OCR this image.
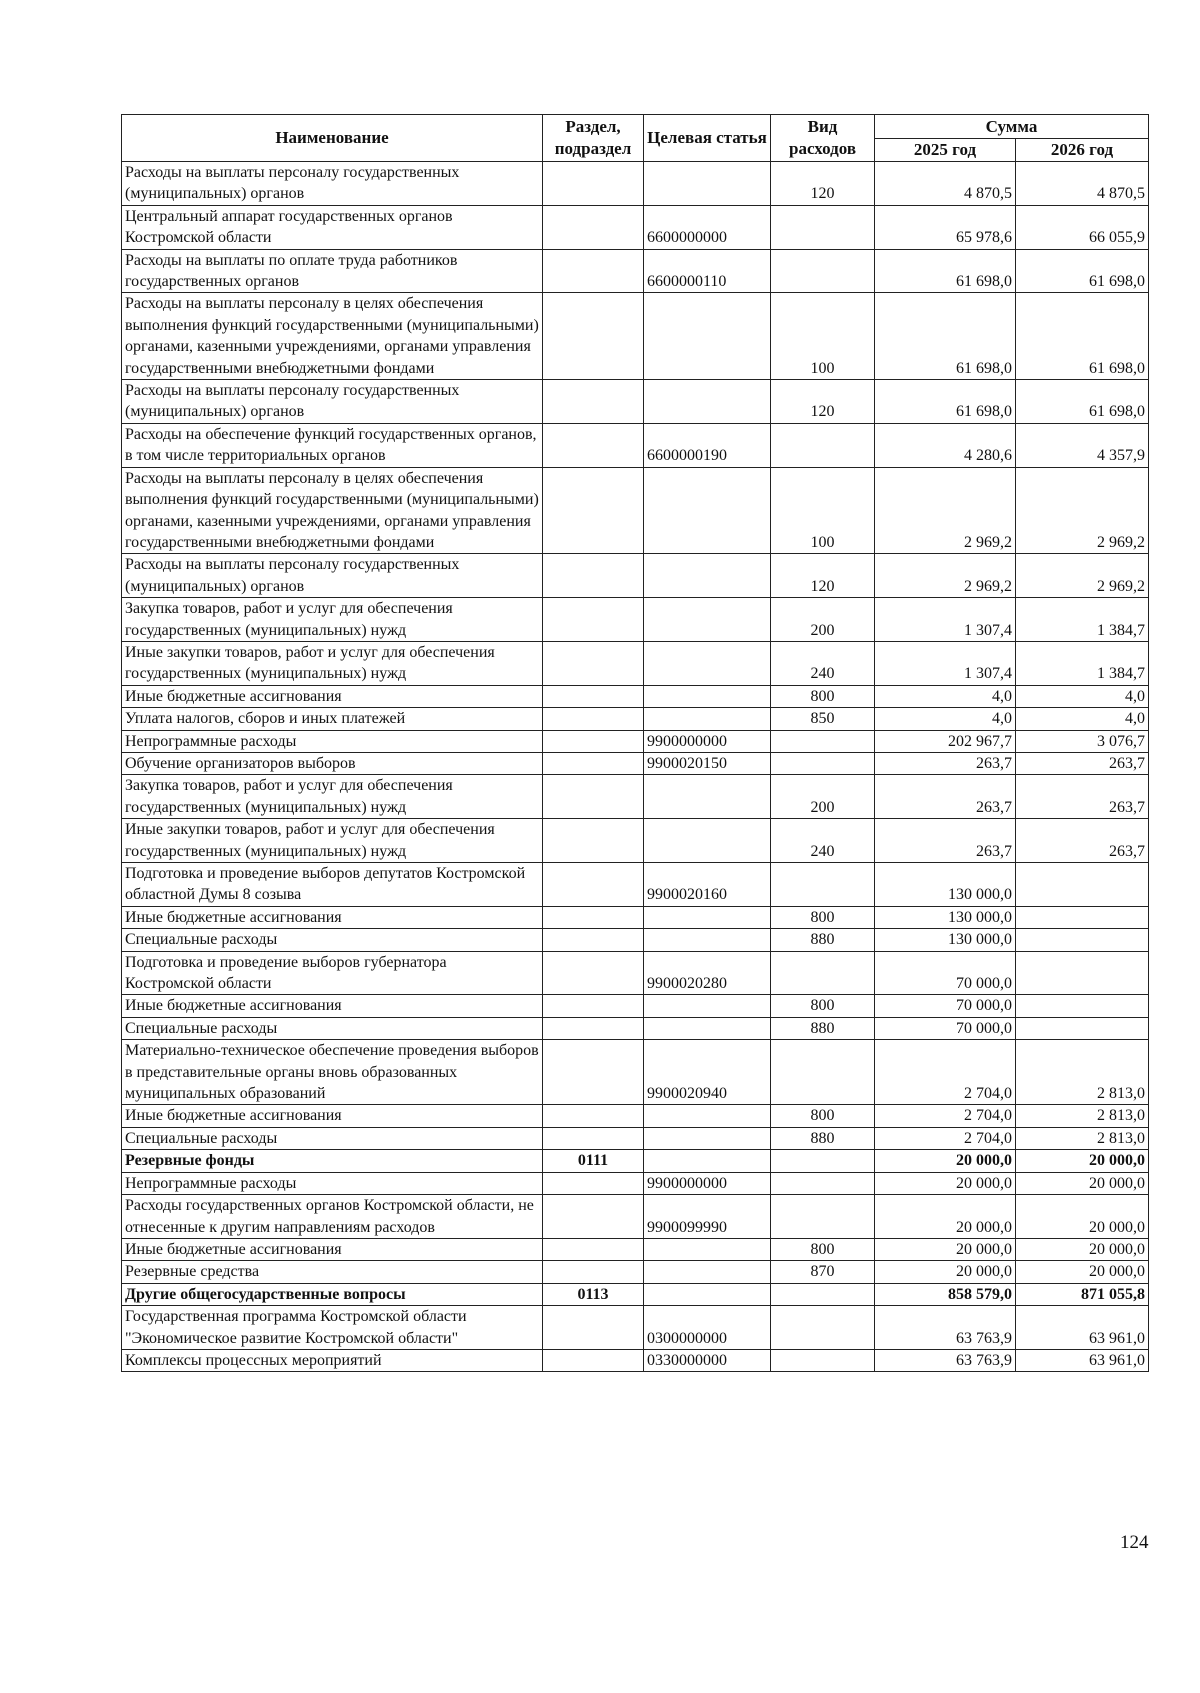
Наименование	Раздел, подраздел	Целевая статья	Вид расходов	Сумма	
				2025 год	2026 год
Расходы на выплаты персоналу государственных (муниципальных) органов			120	4 870,5	4 870,5
Центральный аппарат государственных органов Костромской области		6600000000		65 978,6	66 055,9
Расходы на выплаты по оплате труда работников государственных органов		6600000110		61 698,0	61 698,0
Расходы на выплаты персоналу в целях обеспечения выполнения функций государственными (муниципальными) органами, казенными учреждениями, органами управления государственными внебюджетными фондами			100	61 698,0	61 698,0
Расходы на выплаты персоналу государственных (муниципальных) органов			120	61 698,0	61 698,0
Расходы на обеспечение функций государственных органов, в том числе территориальных органов		6600000190		4 280,6	4 357,9
Расходы на выплаты персоналу в целях обеспечения выполнения функций государственными (муниципальными) органами, казенными учреждениями, органами управления государственными внебюджетными фондами			100	2 969,2	2 969,2
Расходы на выплаты персоналу государственных (муниципальных) органов			120	2 969,2	2 969,2
Закупка товаров, работ и услуг для обеспечения государственных (муниципальных) нужд			200	1 307,4	1 384,7
Иные закупки товаров, работ и услуг для обеспечения государственных (муниципальных) нужд			240	1 307,4	1 384,7
Иные бюджетные ассигнования			800	4,0	4,0
Уплата налогов, сборов и иных платежей			850	4,0	4,0
Непрограммные расходы		9900000000		202 967,7	3 076,7
Обучение организаторов выборов		9900020150		263,7	263,7
Закупка товаров, работ и услуг для обеспечения государственных (муниципальных) нужд			200	263,7	263,7
Иные закупки товаров, работ и услуг для обеспечения государственных (муниципальных) нужд			240	263,7	263,7
Подготовка и проведение выборов депутатов Костромской областной Думы 8 созыва		9900020160		130 000,0	
Иные бюджетные ассигнования			800	130 000,0	
Специальные расходы			880	130 000,0	
Подготовка и проведение выборов губернатора Костромской области		9900020280		70 000,0	
Иные бюджетные ассигнования			800	70 000,0	
Специальные расходы			880	70 000,0	
Материально-техническое обеспечение проведения выборов в представительные органы вновь образованных муниципальных образований		9900020940		2 704,0	2 813,0
Иные бюджетные ассигнования			800	2 704,0	2 813,0
Специальные расходы			880	2 704,0	2 813,0
Резервные фонды	0111			20 000,0	20 000,0
Непрограммные расходы		9900000000		20 000,0	20 000,0
Расходы государственных органов Костромской области, не отнесенные к другим направлениям расходов		9900099990		20 000,0	20 000,0
Иные бюджетные ассигнования			800	20 000,0	20 000,0
Резервные средства			870	20 000,0	20 000,0
Другие общегосударственные вопросы	0113			858 579,0	871 055,8
Государственная программа Костромской области "Экономическое развитие Костромской области"		0300000000		63 763,9	63 961,0
Комплексы процессных мероприятий		0330000000		63 763,9	63 961,0
124
